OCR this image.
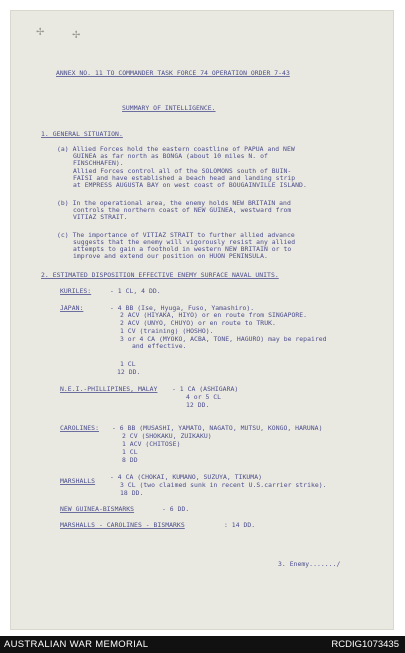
✢	✢
ANNEX NO. 11 TO COMMANDER TASK FORCE 74 OPERATION ORDER 7-43
SUMMARY OF INTELLIGENCE.
1. GENERAL SITUATION.
(a) Allied Forces hold the eastern coastline of PAPUA and NEW
GUINEA as far north as BONGA (about 10 miles N. of
FINSCHHAFEN).
Allied Forces control all of the SOLOMONS south of BUIN-
FAISI and have established a beach head and landing strip
at EMPRESS AUGUSTA BAY on west coast of BOUGAINVILLE ISLAND.
(b) In the operational area, the enemy holds NEW BRITAIN and
controls the northern coast of NEW GUINEA, westward from
VITIAZ STRAIT.
(c) The importance of VITIAZ STRAIT to further allied advance
suggests that the enemy will vigorously resist any allied
attempts to gain a foothold in western NEW BRITAIN or to
improve and extend our position on HUON PENINSULA.
2. ESTIMATED DISPOSITION EFFECTIVE ENEMY SURFACE NAVAL UNITS.
KURILES:	- 1 CL, 4 DD.
JAPAN:	- 4 BB (Ise, Hyuga, Fuso, Yamashiro).
2 ACV (HIYAKA, HIYO) or en route from SINGAPORE.
2 ACV (UNYO, CHUYO) or en route to TRUK.
1 CV (training) (HOSHO).
3 or 4 CA (MYOKO, ACBA, TONE, HAGURO) may be repaired
and effective.
1 CL
12 DD.
N.E.I.-PHILLIPINES, MALAY - 1 CA (ASHIGARA)
4 or 5 CL
12 DD.
CAROLINES: - 6 BB (MUSASHI, YAMATO, NAGATO, MUTSU, KONGO, HARUNA)
2 CV (SHOKAKU, ZUIKAKU)
1 ACV (CHITOSE)
1 CL
8 DD
MARSHALLS - 4 CA (CHOKAI, KUMANO, SUZUYA, TIKUMA)
3 CL (two claimed sunk in recent U.S.carrier strike).
18 DD.
NEW GUINEA-BISMARKS	- 6 DD.
MARSHALLS - CAROLINES - BISMARKS	: 14 DD.
3. Enemy......./
AUSTRALIAN WAR MEMORIAL	RCDIG1073435
